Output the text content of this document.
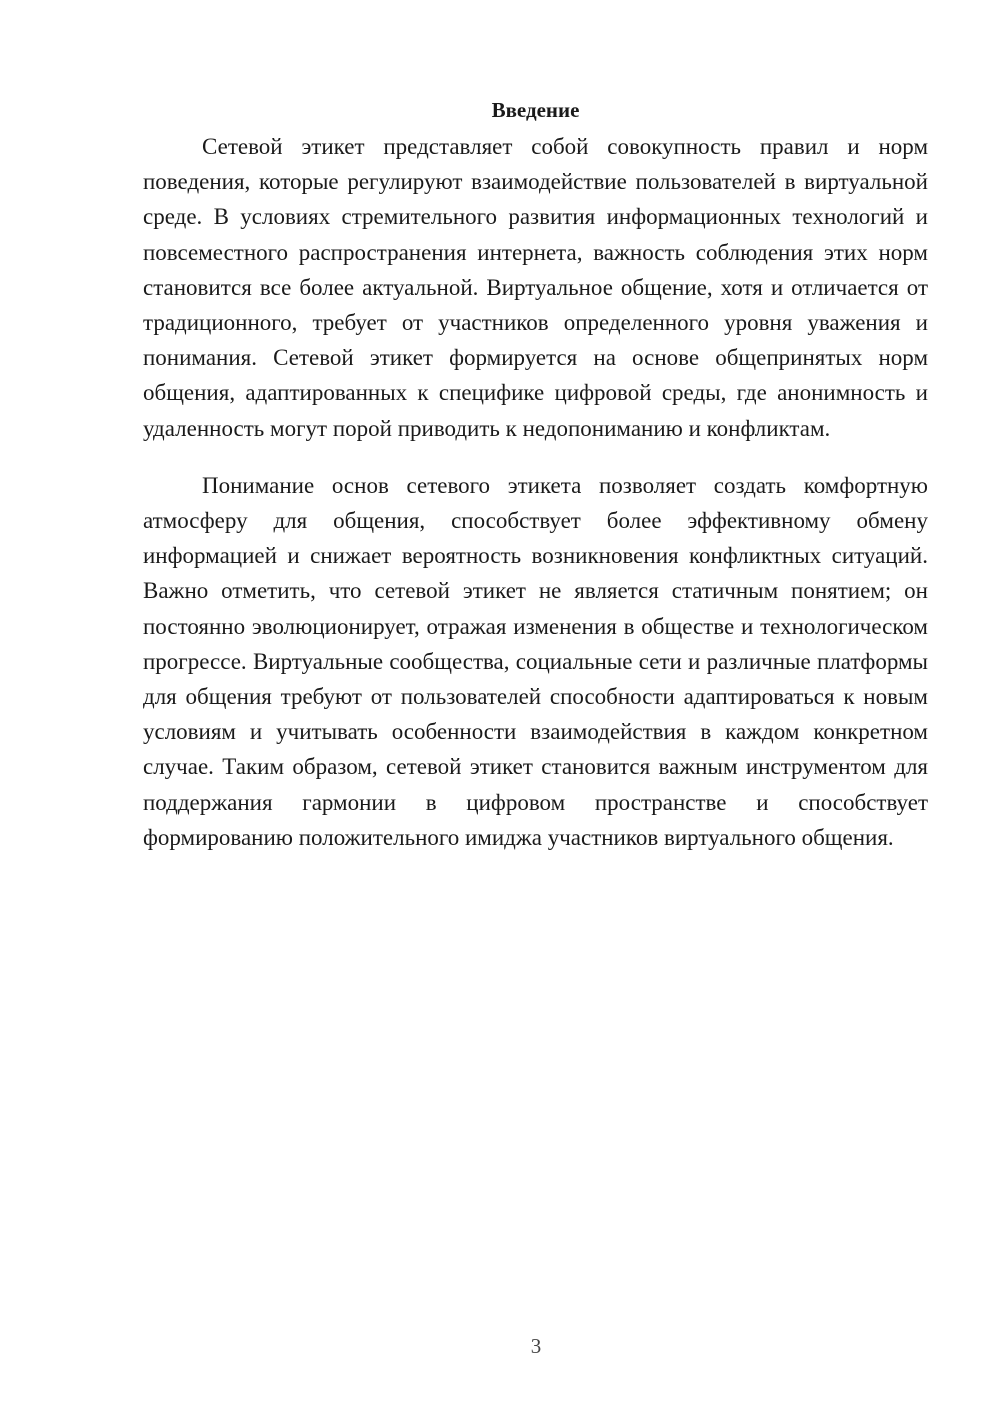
Введение

Сетевой этикет представляет собой совокупность правил и норм поведения, которые регулируют взаимодействие пользователей в виртуальной среде. В условиях стремительного развития информационных технологий и повсеместного распространения интернета, важность соблюдения этих норм становится все более актуальной. Виртуальное общение, хотя и отличается от традиционного, требует от участников определенного уровня уважения и понимания. Сетевой этикет формируется на основе общепринятых норм общения, адаптированных к специфике цифровой среды, где анонимность и удаленность могут порой приводить к недопониманию и конфликтам.

Понимание основ сетевого этикета позволяет создать комфортную атмосферу для общения, способствует более эффективному обмену информацией и снижает вероятность возникновения конфликтных ситуаций. Важно отметить, что сетевой этикет не является статичным понятием; он постоянно эволюционирует, отражая изменения в обществе и технологическом прогрессе. Виртуальные сообщества, социальные сети и различные платформы для общения требуют от пользователей способности адаптироваться к новым условиям и учитывать особенности взаимодействия в каждом конкретном случае. Таким образом, сетевой этикет становится важным инструментом для поддержания гармонии в цифровом пространстве и способствует формированию положительного имиджа участников виртуального общения.

3
